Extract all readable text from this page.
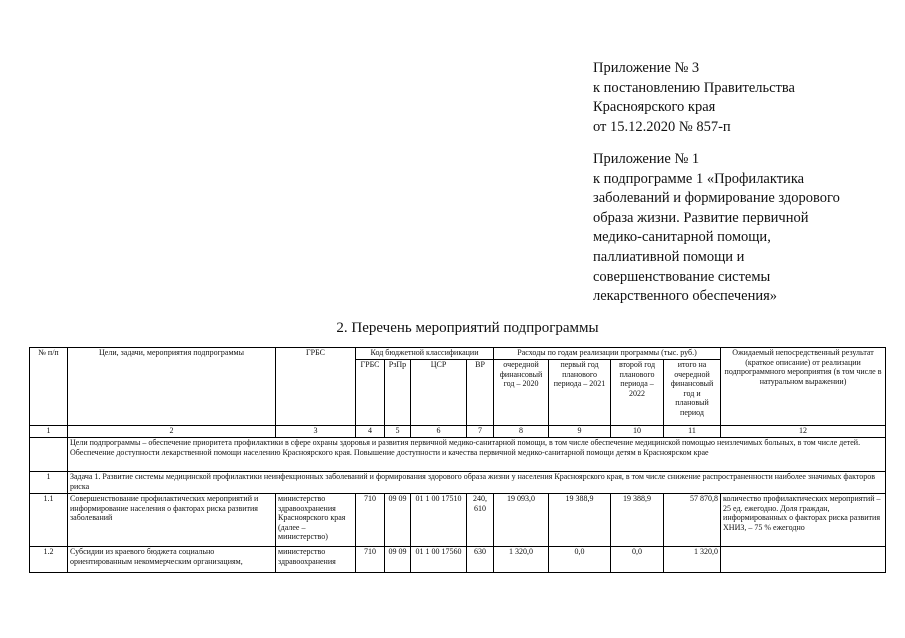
Приложение № 3
к постановлению Правительства
Красноярского края
от 15.12.2020 № 857-п
Приложение № 1
к подпрограмме 1 «Профилактика
заболеваний и формирование здорового
образа жизни. Развитие первичной
медико-санитарной помощи,
паллиативной помощи и
совершенствование системы
лекарственного обеспечения»
2. Перечень мероприятий подпрограммы
№ п/п	Цели, задачи, мероприятия подпрограммы	ГРБС	Код бюджетной классификации				Расходы по годам реализации программы (тыс. руб.)				Ожидаемый непосредственный результат (краткое описание) от реализации подпрограммного мероприятия (в том числе в натуральном выражении)
			ГРБС	РзПр	ЦСР	ВР	очередной финансовый год – 2020	первый год планового периода – 2021	второй год планового периода – 2022	итого на очередной финансовый год и плановый период	
1	2	3	4	5	6	7	8	9	10	11	12
	Цели подпрограммы – обеспечение приоритета профилактики в сфере охраны здоровья и развития первичной медико-санитарной помощи, в том числе обеспечение медицинской помощью неизлечимых больных, в том числе детей. Обеспечение доступности лекарственной помощи населению Красноярского края. Повышение доступности и качества первичной медико-санитарной помощи детям в Красноярском крае										
1	Задача 1. Развитие системы медицинской профилактики неинфекционных заболеваний и формирования здорового образа жизни у населения Красноярского края, в том числе снижение распространенности наиболее значимых факторов риска										
1.1	Совершенствование профилактических мероприятий и информирование населения о факторах риска развития заболеваний	министерство здравоохранения Красноярского края (далее – министерство)	710	09 09	01 1 00 17510	240, 610	19 093,0	19 388,9	19 388,9	57 870,8	количество профилактических мероприятий – 25 ед. ежегодно. Доля граждан, информированных о факторах риска развития ХНИЗ, – 75 % ежегодно
1.2	Субсидии из краевого бюджета социально ориентированным некоммерческим организациям,	министерство здравоохранения	710	09 09	01 1 00 17560	630	1 320,0	0,0	0,0	1 320,0	
